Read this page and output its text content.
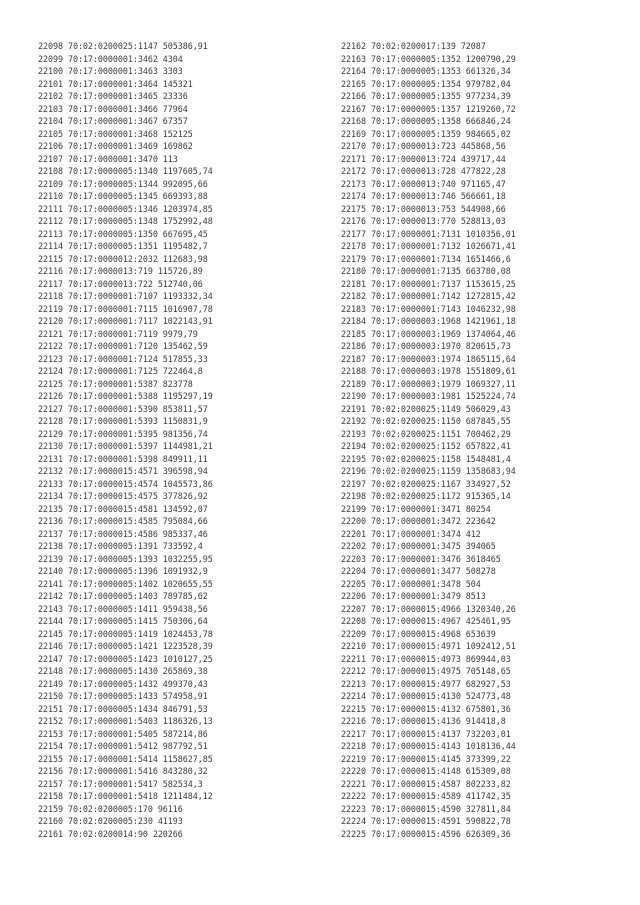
22098 70:02:0200025:1147 505386,91
22099 70:17:0000001:3462 4304
22100 70:17:0000001:3463 3303
22101 70:17:0000001:3464 145321
22102 70:17:0000001:3465 23336
22103 70:17:0000001:3466 77964
22104 70:17:0000001:3467 67357
22105 70:17:0000001:3468 152125
22106 70:17:0000001:3469 169862
22107 70:17:0000001:3470 113
22108 70:17:0000005:1340 1197605,74
22109 70:17:0000005:1344 992095,66
22110 70:17:0000005:1345 669393,88
22111 70:17:0000005:1346 1203974,85
22112 70:17:0000005:1348 1752992,48
22113 70:17:0000005:1350 667695,45
22114 70:17:0000005:1351 1195482,7
22115 70:17:0000012:2032 112683,98
22116 70:17:0000013:719 115726,89
22117 70:17:0000013:722 512740,06
22118 70:17:0000001:7107 1193332,34
22119 70:17:0000001:7115 1016907,78
22120 70:17:0000001:7117 1022143,91
22121 70:17:0000001:7119 9979,79
22122 70:17:0000001:7120 135462,59
22123 70:17:0000001:7124 517855,33
22124 70:17:0000001:7125 722464,8
22125 70:17:0000001:5387 823778
22126 70:17:0000001:5388 1195297,19
22127 70:17:0000001:5390 853811,57
22128 70:17:0000001:5393 1150831,9
22129 70:17:0000001:5395 981356,74
22130 70:17:0000001:5397 1144981,21
22131 70:17:0000001:5398 849911,11
22132 70:17:0000015:4571 396598,94
22133 70:17:0000015:4574 1045573,86
22134 70:17:0000015:4575 377826,92
22135 70:17:0000015:4581 134592,07
22136 70:17:0000015:4585 795084,66
22137 70:17:0000015:4586 985337,46
22138 70:17:0000005:1391 733592,4
22139 70:17:0000005:1393 1032255,95
22140 70:17:0000005:1396 1091932,9
22141 70:17:0000005:1402 1020655,55
22142 70:17:0000005:1403 789785,62
22143 70:17:0000005:1411 959438,56
22144 70:17:0000005:1415 750306,64
22145 70:17:0000005:1419 1024453,78
22146 70:17:0000005:1421 1223528,39
22147 70:17:0000005:1423 1010127,25
22148 70:17:0000005:1430 265869,38
22149 70:17:0000005:1432 499370,43
22150 70:17:0000005:1433 574958,91
22151 70:17:0000005:1434 846791,53
22152 70:17:0000001:5403 1186326,13
22153 70:17:0000001:5405 587214,86
22154 70:17:0000001:5412 987792,51
22155 70:17:0000001:5414 1158627,85
22156 70:17:0000001:5416 843280,32
22157 70:17:0000001:5417 582534,3
22158 70:17:0000001:5418 1211484,12
22159 70:02:0200005:170 96116
22160 70:02:0200005:230 41193
22161 70:02:0200014:90 220266
22162 70:02:0200017:139 72087
22163 70:17:0000005:1352 1200790,29
22164 70:17:0000005:1353 661326,34
22165 70:17:0000005:1354 979782,04
22166 70:17:0000005:1355 977234,39
22167 70:17:0000005:1357 1219260,72
22168 70:17:0000005:1358 666846,24
22169 70:17:0000005:1359 984665,02
22170 70:17:0000013:723 445868,56
22171 70:17:0000013:724 439717,44
22172 70:17:0000013:728 477822,28
22173 70:17:0000013:740 971165,47
22174 70:17:0000013:746 566661,18
22175 70:17:0000013:753 544908,66
22176 70:17:0000013:770 528813,03
22177 70:17:0000001:7131 1010356,01
22178 70:17:0000001:7132 1026671,41
22179 70:17:0000001:7134 1651466,6
22180 70:17:0000001:7135 663780,08
22181 70:17:0000001:7137 1153615,25
22182 70:17:0000001:7142 1272815,42
22183 70:17:0000001:7143 1046232,98
22184 70:17:0000003:1968 1421961,18
22185 70:17:0000003:1969 1374064,46
22186 70:17:0000003:1970 820615,73
22187 70:17:0000003:1974 1865115,64
22188 70:17:0000003:1978 1551809,61
22189 70:17:0000003:1979 1069327,11
22190 70:17:0000003:1981 1525224,74
22191 70:02:0200025:1149 506029,43
22192 70:02:0200025:1150 687845,55
22193 70:02:0200025:1151 700462,29
22194 70:02:0200025:1152 657822,41
22195 70:02:0200025:1158 1548481,4
22196 70:02:0200025:1159 1358683,94
22197 70:02:0200025:1167 334927,52
22198 70:02:0200025:1172 915365,14
22199 70:17:0000001:3471 80254
22200 70:17:0000001:3472 223642
22201 70:17:0000001:3474 412
22202 70:17:0000001:3475 394065
22203 70:17:0000001:3476 3618465
22204 70:17:0000001:3477 508278
22205 70:17:0000001:3478 504
22206 70:17:0000001:3479 8513
22207 70:17:0000015:4966 1320340,26
22208 70:17:0000015:4967 425461,95
22209 70:17:0000015:4968 653639
22210 70:17:0000015:4971 1092412,51
22211 70:17:0000015:4973 869944,03
22212 70:17:0000015:4975 705148,65
22213 70:17:0000015:4977 682927,53
22214 70:17:0000015:4130 524773,48
22215 70:17:0000015:4132 675801,36
22216 70:17:0000015:4136 914418,8
22217 70:17:0000015:4137 732203,01
22218 70:17:0000015:4143 1018136,44
22219 70:17:0000015:4145 373399,22
22220 70:17:0000015:4148 615309,08
22221 70:17:0000015:4587 802233,82
22222 70:17:0000015:4589 411742,35
22223 70:17:0000015:4590 327811,84
22224 70:17:0000015:4591 590822,78
22225 70:17:0000015:4596 626309,36
